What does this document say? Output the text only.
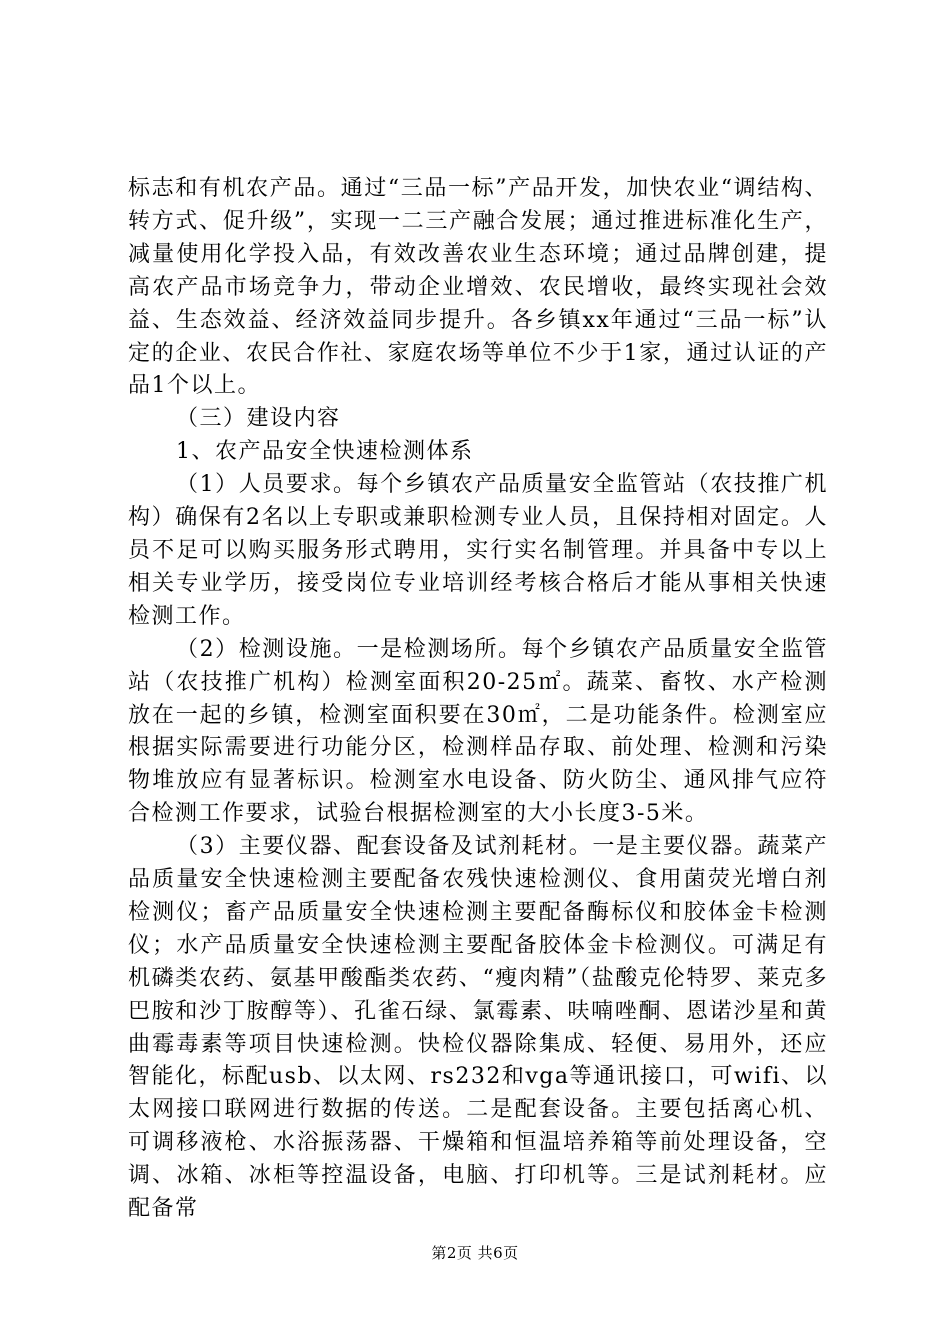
标志和有机农产品。通过“三品一标”产品开发，加快农业“调结构、转方式、促升级”，实现一二三产融合发展；通过推进标准化生产，减量使用化学投入品，有效改善农业生态环境；通过品牌创建，提高农产品市场竞争力，带动企业增效、农民增收，最终实现社会效益、生态效益、经济效益同步提升。各乡镇xx年通过“三品一标”认定的企业、农民合作社、家庭农场等单位不少于1家，通过认证的产品1个以上。

（三）建设内容

1、农产品安全快速检测体系

（1）人员要求。每个乡镇农产品质量安全监管站（农技推广机构）确保有2名以上专职或兼职检测专业人员，且保持相对固定。人员不足可以购买服务形式聘用，实行实名制管理。并具备中专以上相关专业学历，接受岗位专业培训经考核合格后才能从事相关快速检测工作。

（2）检测设施。一是检测场所。每个乡镇农产品质量安全监管站（农技推广机构）检测室面积20-25㎡。蔬菜、畜牧、水产检测放在一起的乡镇，检测室面积要在30㎡，二是功能条件。检测室应根据实际需要进行功能分区，检测样品存取、前处理、检测和污染物堆放应有显著标识。检测室水电设备、防火防尘、通风排气应符合检测工作要求，试验台根据检测室的大小长度3-5米。

（3）主要仪器、配套设备及试剂耗材。一是主要仪器。蔬菜产品质量安全快速检测主要配备农残快速检测仪、食用菌荧光增白剂检测仪；畜产品质量安全快速检测主要配备酶标仪和胶体金卡检测仪；水产品质量安全快速检测主要配备胶体金卡检测仪。可满足有机磷类农药、氨基甲酸酯类农药、“瘦肉精”（盐酸克伦特罗、莱克多巴胺和沙丁胺醇等）、孔雀石绿、氯霉素、呋喃唑酮、恩诺沙星和黄曲霉毒素等项目快速检测。快检仪器除集成、轻便、易用外，还应智能化，标配usb、以太网、rs232和vga等通讯接口，可wifi、以太网接口联网进行数据的传送。二是配套设备。主要包括离心机、可调移液枪、水浴振荡器、干燥箱和恒温培养箱等前处理设备，空调、冰箱、冰柜等控温设备，电脑、打印机等。三是试剂耗材。应配备常

第2页 共6页
